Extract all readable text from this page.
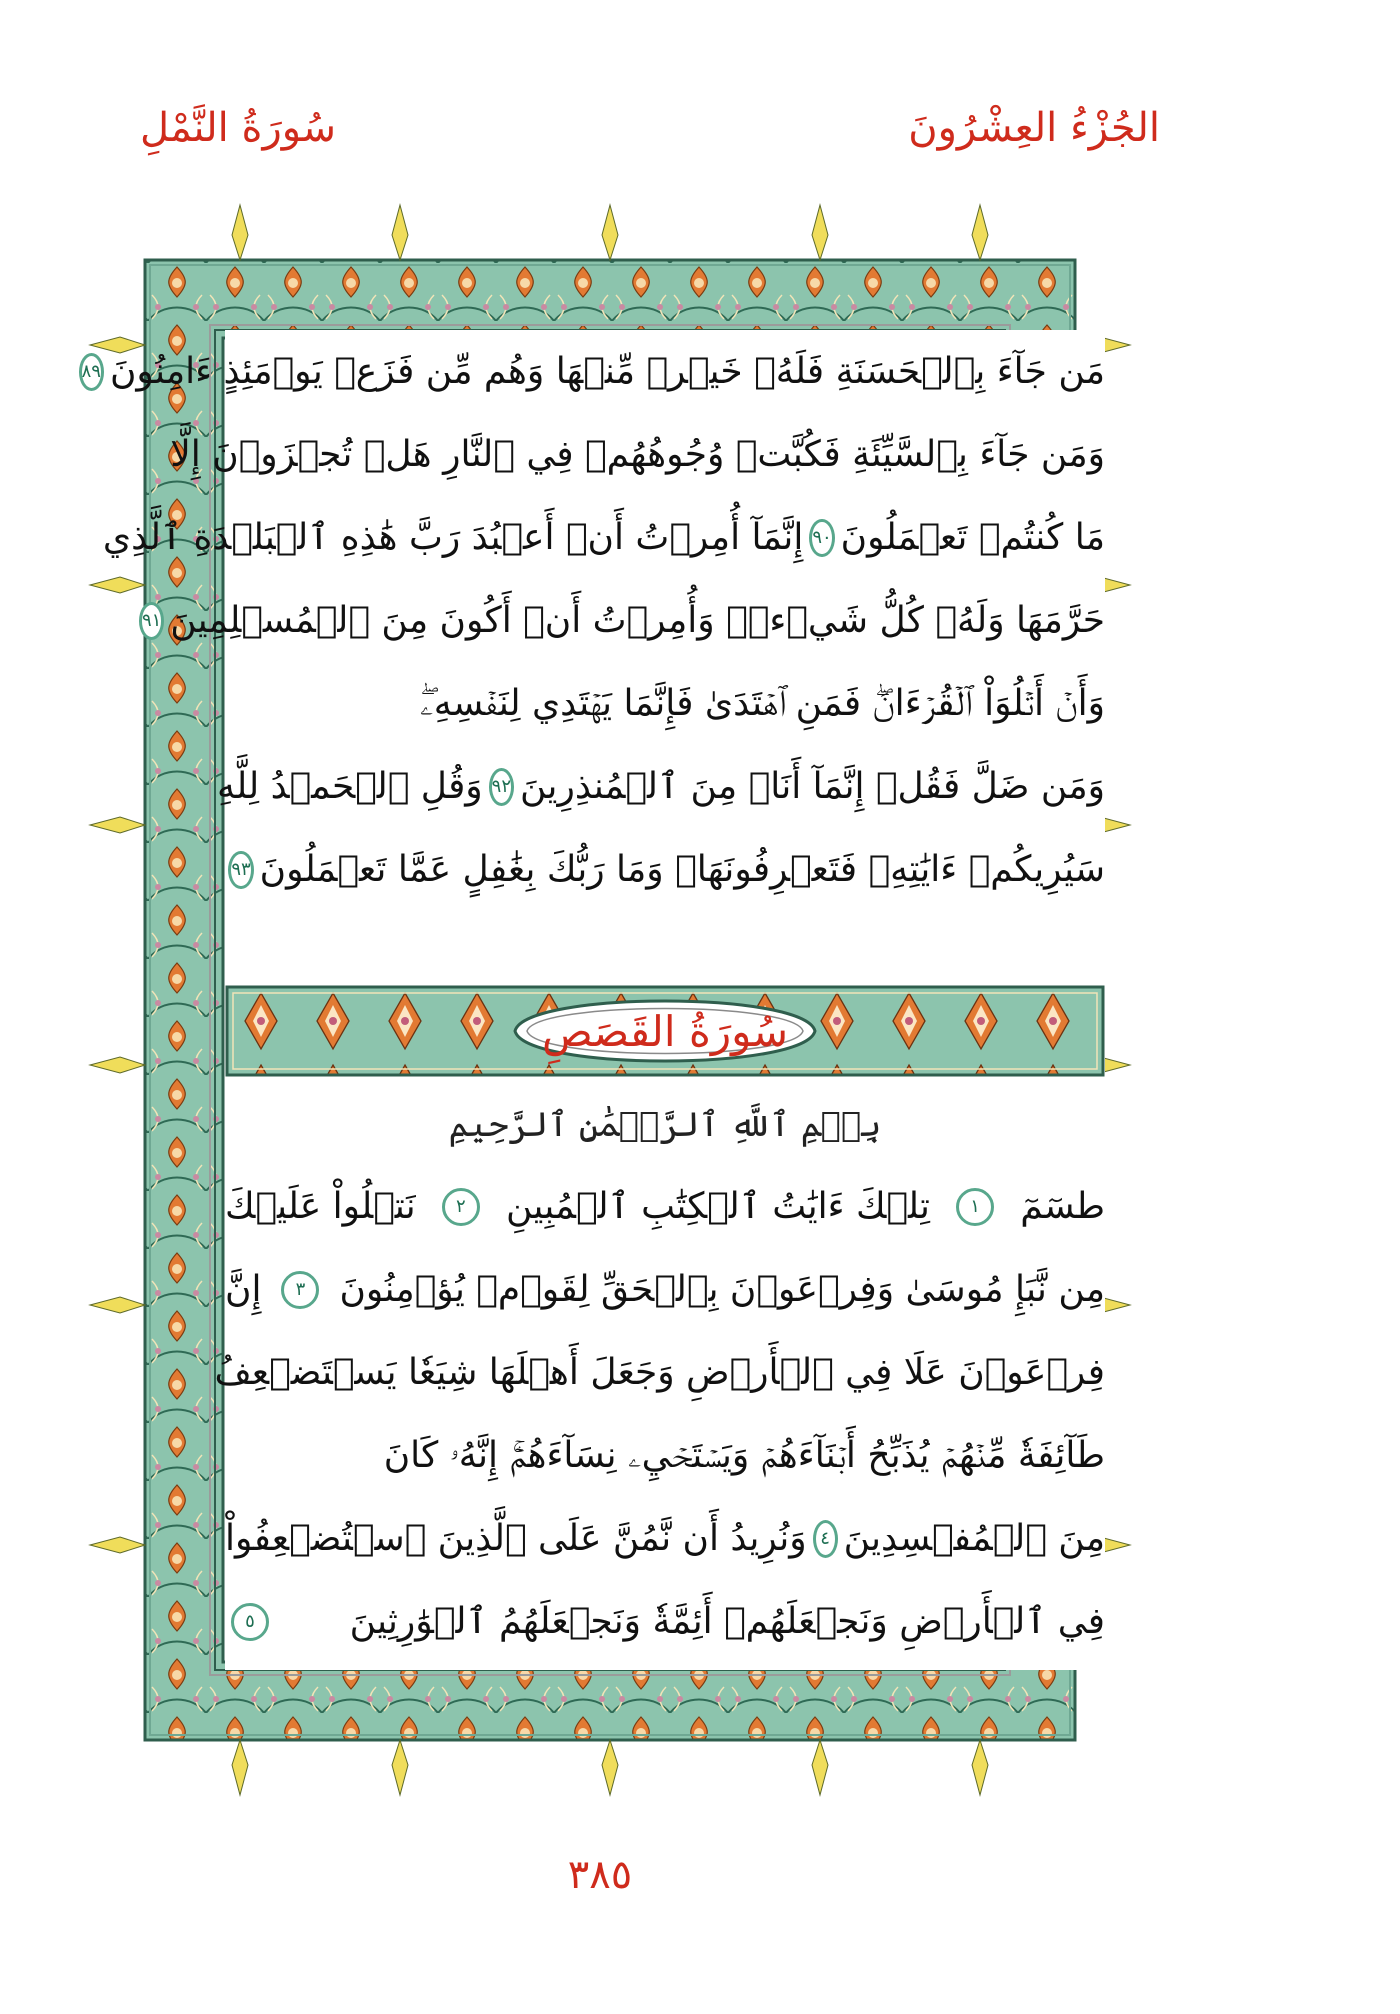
الجُزْءُ العِشْرُونَ
سُورَةُ النَّمْلِ
مَن جَآءَ بِٱلۡحَسَنَةِ فَلَهُۥ خَيۡرٞ مِّنۡهَا وَهُم مِّن فَزَعٖ يَوۡمَئِذٍ ءَامِنُونَ
٨٩
وَمَن جَآءَ بِٱلسَّيِّئَةِ فَكُبَّتۡ وُجُوهُهُمۡ فِي ٱلنَّارِ هَلۡ تُجۡزَوۡنَ إِلَّا
مَا كُنتُمۡ تَعۡمَلُونَ
٩٠
إِنَّمَآ أُمِرۡتُ أَنۡ أَعۡبُدَ رَبَّ هَٰذِهِ ٱلۡبَلۡدَةِ ٱلَّذِي
حَرَّمَهَا وَلَهُۥ كُلُّ شَيۡءٖۖ وَأُمِرۡتُ أَنۡ أَكُونَ مِنَ ٱلۡمُسۡلِمِينَ
٩١
وَأَنۡ أَتۡلُوَاْ ٱلۡقُرۡءَانَۖ فَمَنِ ٱهۡتَدَىٰ فَإِنَّمَا يَهۡتَدِي لِنَفۡسِهِۦۖ
وَمَن ضَلَّ فَقُلۡ إِنَّمَآ أَنَا۠ مِنَ ٱلۡمُنذِرِينَ
٩٢
وَقُلِ ٱلۡحَمۡدُ لِلَّهِ
سَيُرِيكُمۡ ءَايَٰتِهِۦ فَتَعۡرِفُونَهَاۚ وَمَا رَبُّكَ بِغَٰفِلٍ عَمَّا تَعۡمَلُونَ
٩٣
طسٓمٓ
١
تِلۡكَ ءَايَٰتُ ٱلۡكِتَٰبِ ٱلۡمُبِينِ
٢
نَتۡلُواْ عَلَيۡكَ
مِن نَّبَإِ مُوسَىٰ وَفِرۡعَوۡنَ بِٱلۡحَقِّ لِقَوۡمٖ يُؤۡمِنُونَ
٣
إِنَّ
فِرۡعَوۡنَ عَلَا فِي ٱلۡأَرۡضِ وَجَعَلَ أَهۡلَهَا شِيَعٗا يَسۡتَضۡعِفُ
طَآئِفَةٗ مِّنۡهُمۡ يُذَبِّحُ أَبۡنَآءَهُمۡ وَيَسۡتَحۡيِۦ نِسَآءَهُمۡۚ إِنَّهُۥ كَانَ
مِنَ ٱلۡمُفۡسِدِينَ
٤
وَنُرِيدُ أَن نَّمُنَّ عَلَى ٱلَّذِينَ ٱسۡتُضۡعِفُواْ
فِي ٱلۡأَرۡضِ وَنَجۡعَلَهُمۡ أَئِمَّةٗ وَنَجۡعَلَهُمُ ٱلۡوَٰرِثِينَ
٥
سُورَةُ القَصَصِ
بِسۡمِ ٱللَّهِ ٱلرَّحۡمَٰنِ ٱلرَّحِيمِ
٣٨٥
